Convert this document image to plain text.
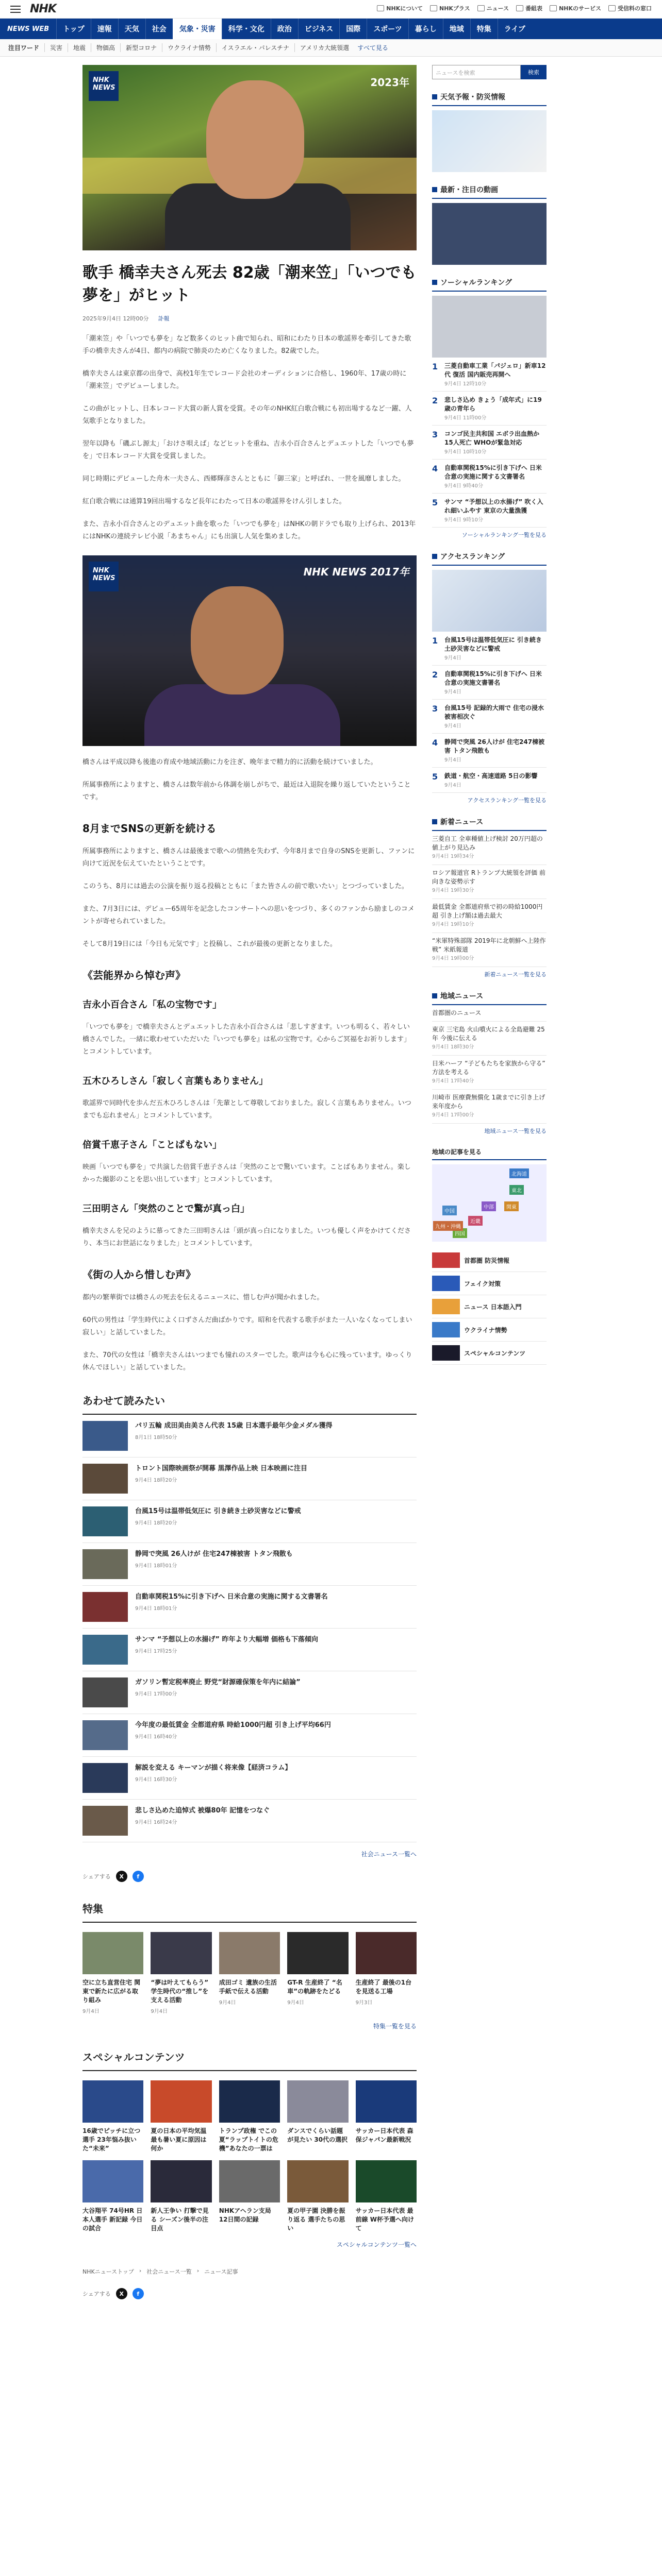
NHK	NHKについて	NHKプラス	ニュース	番組表	NHKのサービス	受信料の窓口
NEWS WEB	トップ	速報	天気	社会	気象・災害	科学・文化	政治	ビジネス	国際	スポーツ	暮らし	地域	特集	ライブ
注目ワード	災害	地震	物価高	新型コロナ	ウクライナ情勢	イスラエル・パレスチナ	アメリカ大統領選	すべて見る
NHK NEWS	2023年
歌手 橋幸夫さん死去 82歳「潮来笠」「いつでも夢を」がヒット
2025年9月4日 12時00分 訃報

「潮来笠」や「いつでも夢を」など数多くのヒット曲で知られ、昭和にわたり日本の歌謡界を牽引してきた歌手の橋幸夫さんが4日、都内の病院で肺炎のため亡くなりました。82歳でした。

橋幸夫さんは東京都の出身で、高校1年生でレコード会社のオーディションに合格し、1960年、17歳の時に「潮来笠」でデビューしました。

この曲がヒットし、日本レコード大賞の新人賞を受賞。その年のNHK紅白歌合戦にも初出場するなど一躍、人気歌手となりました。

翌年以降も「磯ぶし源太」「おけさ唄えば」などヒットを重ね、吉永小百合さんとデュエットした「いつでも夢を」で日本レコード大賞を受賞しました。

同じ時期にデビューした舟木一夫さん、西郷輝彦さんとともに「御三家」と呼ばれ、一世を風靡しました。

紅白歌合戦には通算19回出場するなど長年にわたって日本の歌謡界をけん引しました。

また、吉永小百合さんとのデュエット曲を歌った「いつでも夢を」はNHKの朝ドラでも取り上げられ、2013年にはNHKの連続テレビ小説「あまちゃん」にも出演し人気を集めました。

NHK NEWS
NHK NEWS 2017年

橋さんは平成以降も後進の育成や地域活動に力を注ぎ、晩年まで精力的に活動を続けていました。

所属事務所によりますと、橋さんは数年前から体調を崩しがちで、最近は入退院を繰り返していたということです。

8月までSNSの更新を続ける

所属事務所によりますと、橋さんは最後まで歌への情熱を失わず、今年8月まで自身のSNSを更新し、ファンに向けて近況を伝えていたということです。

このうち、8月には過去の公演を振り返る投稿とともに「また皆さんの前で歌いたい」とつづっていました。

また、7月3日には、デビュー65周年を記念したコンサートへの思いをつづり、多くのファンから励ましのコメントが寄せられていました。

そして8月19日には「今日も元気です」と投稿し、これが最後の更新となりました。

《芸能界から悼む声》
吉永小百合さん「私の宝物です」

「いつでも夢を」で橋幸夫さんとデュエットした吉永小百合さんは「悲しすぎます。いつも明るく、若々しい橋さんでした。一緒に歌わせていただいた『いつでも夢を』は私の宝物です。心からご冥福をお祈りします」とコメントしています。

五木ひろしさん「寂しく言葉もありません」

歌謡界で同時代を歩んだ五木ひろしさんは「先輩として尊敬しておりました。寂しく言葉もありません。いつまでも忘れません」とコメントしています。

倍賞千恵子さん「ことばもない」

映画「いつでも夢を」で共演した倍賞千恵子さんは「突然のことで驚いています。ことばもありません。楽しかった撮影のことを思い出しています」とコメントしています。

三田明さん「突然のことで驚が真っ白」

橋幸夫さんを兄のように慕ってきた三田明さんは「頭が真っ白になりました。いつも優しく声をかけてくださり、本当にお世話になりました」とコメントしています。

《街の人から惜しむ声》

都内の繁華街では橋さんの死去を伝えるニュースに、惜しむ声が聞かれました。

60代の男性は「学生時代によく口ずさんだ曲ばかりです。昭和を代表する歌手がまた一人いなくなってしまい寂しい」と話していました。

また、70代の女性は「橋幸夫さんはいつまでも憧れのスターでした。歌声は今も心に残っています。ゆっくり休んでほしい」と話していました。

あわせて読みたい
パリ五輪 成田美由美さん代表 15歳 日本選手最年少金メダル獲得
8月1日 18時50分
トロント国際映画祭が開幕 黒澤作品上映 日本映画に注目
9月4日 18時20分
台風15号は温帯低気圧に 引き続き土砂災害などに警戒
9月4日 18時20分
静岡で突風 26人けが 住宅247棟被害 トタン飛散も
9月4日 18時01分
自動車関税15%に引き下げへ 日米合意の実施に関する文書署名
9月4日 18時01分
サンマ “予想以上の水揚げ” 昨年より大幅増 価格も下落傾向
9月4日 17時25分
ガソリン暫定税率廃止 野党“財源確保策を年内に結論”
9月4日 17時00分
今年度の最低賃金 全都道府県 時給1000円超 引き上げ平均66円
9月4日 16時40分
解説を変える キーマンが描く将来像【経済コラム】
9月4日 16時30分
悲しさ込めた追悼式 被爆80年 記憶をつなぐ
9月4日 16時24分
社会ニュース一覧へ
シェアする	X	f
特集
空に立ち直営住宅 関東で新たに広がる取り組み
9月4日
“夢は叶えてもらう” 学生時代の“推し”を支える活動
9月4日
成田ゴミ 遺族の生活 手紙で伝える活動
9月4日
GT-R 生産終了 “名車”の軌跡をたどる
9月4日
生産終了 最後の1台を見送る工場
9月3日
特集一覧を見る
スペシャルコンテンツ
16歳でピッチに立つ選手 23年悩み抜いた“未来”
夏の日本の平均気温 最も暑い夏に原因は何か
トランプ政権 でこの夏“ラップトイトの危機”あなたの一票は
ダンスでくらい話題が見たい 30代の選択
サッカー日本代表 森保ジャパン最新戦況
大谷翔平 74号HR 日本人選手 新記録 今日の試合
新人王争い 打撃で見る シーズン後半の注目点
NHKアヘラン支局 12日間の記録
夏の甲子園 決勝を振り返る 選手たちの思い
サッカー日本代表 最前線 W杯予選へ向けて
スペシャルコンテンツ一覧へ
NHKニューストップ › 社会ニュース一覧 › ニュース記事
シェアする	X	f
ニュースを検索	検索
天気予報・防災情報
最新・注目の動画
ソーシャルランキング
1	三菱自動車工業「パジェロ」新車12代 復活 国内販売再開へ
9月4日 12時10分
2	悲しさ込め きょう「成年式」に19歳の青年ら
9月4日 11時00分
3	コンゴ民主共和国 エボラ出血熱か 15人死亡 WHOが緊急対応
9月4日 10時10分
4	自動車関税15%に引き下げへ 日米合意の実施に関する文書署名
9月4日 9時40分
5	サンマ “予想以上の水揚げ” 吹く入れ細いふやす 東京の大量漁獲
9月4日 9時10分
ソーシャルランキング一覧を見る
アクセスランキング
1	台風15号は温帯低気圧に 引き続き土砂災害などに警戒
9月4日
2	自動車関税15%に引き下げへ 日米合意の実施文書署名
9月4日
3	台風15号 記録的大雨で 住宅の浸水被害相次ぐ
9月4日
4	静岡で突風 26人けが 住宅247棟被害 トタン飛散も
9月4日
5	鉄道・航空・高速道路 5日の影響
9月4日
アクセスランキング一覧を見る
新着ニュース
三菱自工 全車種値上げ検討 20万円超の値上がり見込み
9月4日 19時34分
ロシア報道官 Rトランプ大統領を評価 前向きな姿勢示す
9月4日 19時30分
最低賃金 全都道府県で初の時給1000円超 引き上げ額は過去最大
9月4日 19時10分
“米軍特殊部隊 2019年に北朝鮮へ上陸作戦” 米紙報道
9月4日 19時00分
新着ニュース一覧を見る
地域ニュース
首都圏のニュース
東京 三宅島 火山噴火による全島避難 25年 今後に伝える
9月4日 18時30分
日米ハーフ “子どもたちを家族から守る” 方法を考える
9月4日 17時40分
川崎市 医療費無償化 1歳までに引き上げ 来年度から
9月4日 17時00分
地域ニュース一覧を見る
地域の記事を見る
北海道
東北
関東
中部
近畿
中国
四国
九州・沖縄
首都圏 防災情報
フェイク対策
ニュース 日本語入門
ウクライナ情勢
スペシャルコンテンツ
